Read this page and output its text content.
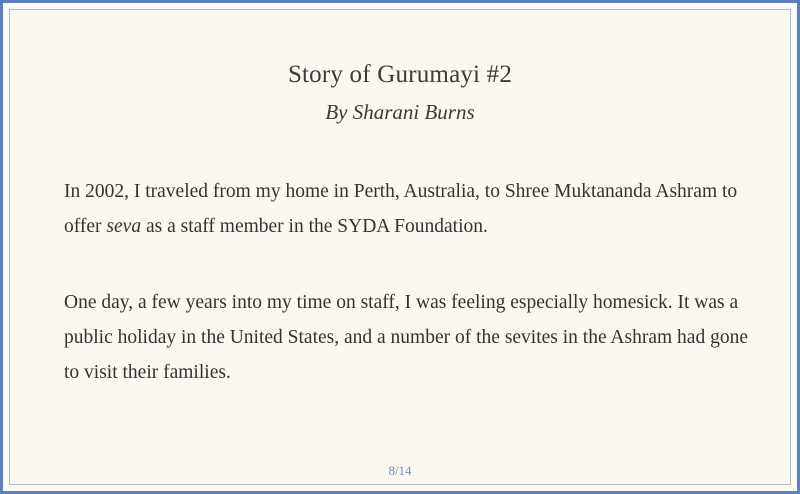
Story of Gurumayi #2
By Sharani Burns
In 2002, I traveled from my home in Perth, Australia, to Shree Muktananda Ashram to offer seva as a staff member in the SYDA Foundation.
One day, a few years into my time on staff, I was feeling especially homesick. It was a public holiday in the United States, and a number of the sevites in the Ashram had gone to visit their families.
8/14
